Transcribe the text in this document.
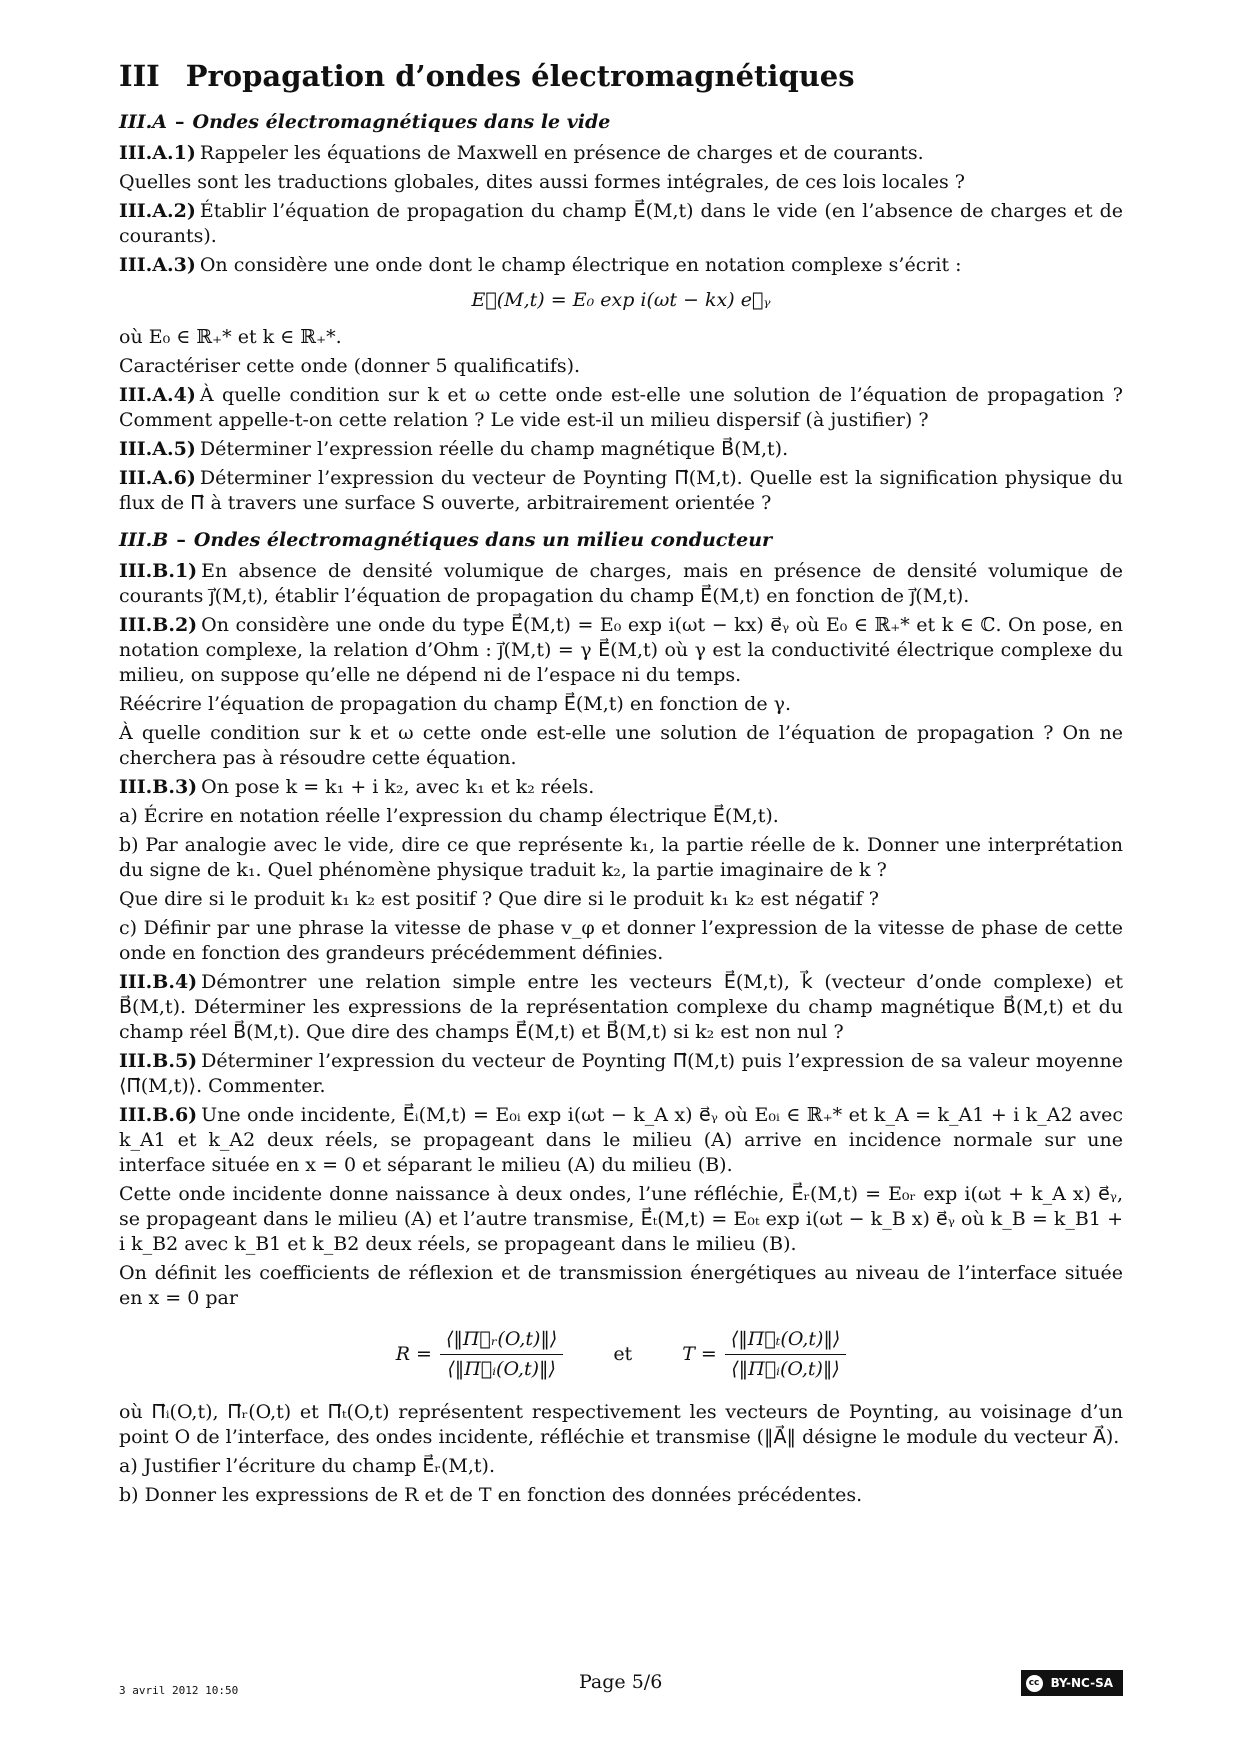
III Propagation d’ondes électromagnétiques
III.A – Ondes électromagnétiques dans le vide

III.A.1) Rappeler les équations de Maxwell en présence de charges et de courants.

Quelles sont les traductions globales, dites aussi formes intégrales, de ces lois locales ?

III.A.2) Établir l’équation de propagation du champ E⃗(M,t) dans le vide (en l’absence de charges et de courants).

III.A.3) On considère une onde dont le champ électrique en notation complexe s’écrit :

E⃗(M,t) = E₀ exp i(ωt − kx) e⃗ᵧ

où E₀ ∈ ℝ₊* et k ∈ ℝ₊*.

Caractériser cette onde (donner 5 qualificatifs).

III.A.4) À quelle condition sur k et ω cette onde est-elle une solution de l’équation de propagation ? Comment appelle-t-on cette relation ? Le vide est-il un milieu dispersif (à justifier) ?

III.A.5) Déterminer l’expression réelle du champ magnétique B⃗(M,t).

III.A.6) Déterminer l’expression du vecteur de Poynting Π⃗(M,t). Quelle est la signification physique du flux de Π⃗ à travers une surface S ouverte, arbitrairement orientée ?

III.B – Ondes électromagnétiques dans un milieu conducteur

III.B.1) En absence de densité volumique de charges, mais en présence de densité volumique de courants j⃗(M,t), établir l’équation de propagation du champ E⃗(M,t) en fonction de j⃗(M,t).

III.B.2) On considère une onde du type E⃗(M,t) = E₀ exp i(ωt − kx) e⃗ᵧ où E₀ ∈ ℝ₊* et k ∈ ℂ. On pose, en notation complexe, la relation d’Ohm : j⃗(M,t) = γ E⃗(M,t) où γ est la conductivité électrique complexe du milieu, on suppose qu’elle ne dépend ni de l’espace ni du temps.

Réécrire l’équation de propagation du champ E⃗(M,t) en fonction de γ.

À quelle condition sur k et ω cette onde est-elle une solution de l’équation de propagation ? On ne cherchera pas à résoudre cette équation.

III.B.3) On pose k = k₁ + i k₂, avec k₁ et k₂ réels.

a) Écrire en notation réelle l’expression du champ électrique E⃗(M,t).

b) Par analogie avec le vide, dire ce que représente k₁, la partie réelle de k. Donner une interprétation du signe de k₁. Quel phénomène physique traduit k₂, la partie imaginaire de k ?

Que dire si le produit k₁ k₂ est positif ? Que dire si le produit k₁ k₂ est négatif ?

c) Définir par une phrase la vitesse de phase v_φ et donner l’expression de la vitesse de phase de cette onde en fonction des grandeurs précédemment définies.

III.B.4) Démontrer une relation simple entre les vecteurs E⃗(M,t), k⃗ (vecteur d’onde complexe) et B⃗(M,t). Déterminer les expressions de la représentation complexe du champ magnétique B⃗(M,t) et du champ réel B⃗(M,t). Que dire des champs E⃗(M,t) et B⃗(M,t) si k₂ est non nul ?

III.B.5) Déterminer l’expression du vecteur de Poynting Π⃗(M,t) puis l’expression de sa valeur moyenne ⟨Π⃗(M,t)⟩. Commenter.

III.B.6) Une onde incidente, E⃗ᵢ(M,t) = E₀ᵢ exp i(ωt − k_A x) e⃗ᵧ où E₀ᵢ ∈ ℝ₊* et k_A = k_A1 + i k_A2 avec k_A1 et k_A2 deux réels, se propageant dans le milieu (A) arrive en incidence normale sur une interface située en x = 0 et séparant le milieu (A) du milieu (B).

Cette onde incidente donne naissance à deux ondes, l’une réfléchie, E⃗ᵣ(M,t) = E₀ᵣ exp i(ωt + k_A x) e⃗ᵧ, se propageant dans le milieu (A) et l’autre transmise, E⃗ₜ(M,t) = E₀ₜ exp i(ωt − k_B x) e⃗ᵧ où k_B = k_B1 + i k_B2 avec k_B1 et k_B2 deux réels, se propageant dans le milieu (B).

On définit les coefficients de réflexion et de transmission énergétiques au niveau de l’interface située en x = 0 par

$R = \frac{\text{⟨‖Π⃗ᵣ(O,t)‖⟩}}{\text{⟨‖Π⃗ᵢ(O,t)‖⟩}}$	et	$T = \frac{\text{⟨‖Π⃗ₜ(O,t)‖⟩}}{\text{⟨‖Π⃗ᵢ(O,t)‖⟩}}$

où Π⃗ᵢ(O,t), Π⃗ᵣ(O,t) et Π⃗ₜ(O,t) représentent respectivement les vecteurs de Poynting, au voisinage d’un point O de l’interface, des ondes incidente, réfléchie et transmise (‖A⃗‖ désigne le module du vecteur A⃗).

a) Justifier l’écriture du champ E⃗ᵣ(M,t).

b) Donner les expressions de R et de T en fonction des données précédentes.

3 avril 2012 10:50	Page 5/6	cc BY-NC-SA
